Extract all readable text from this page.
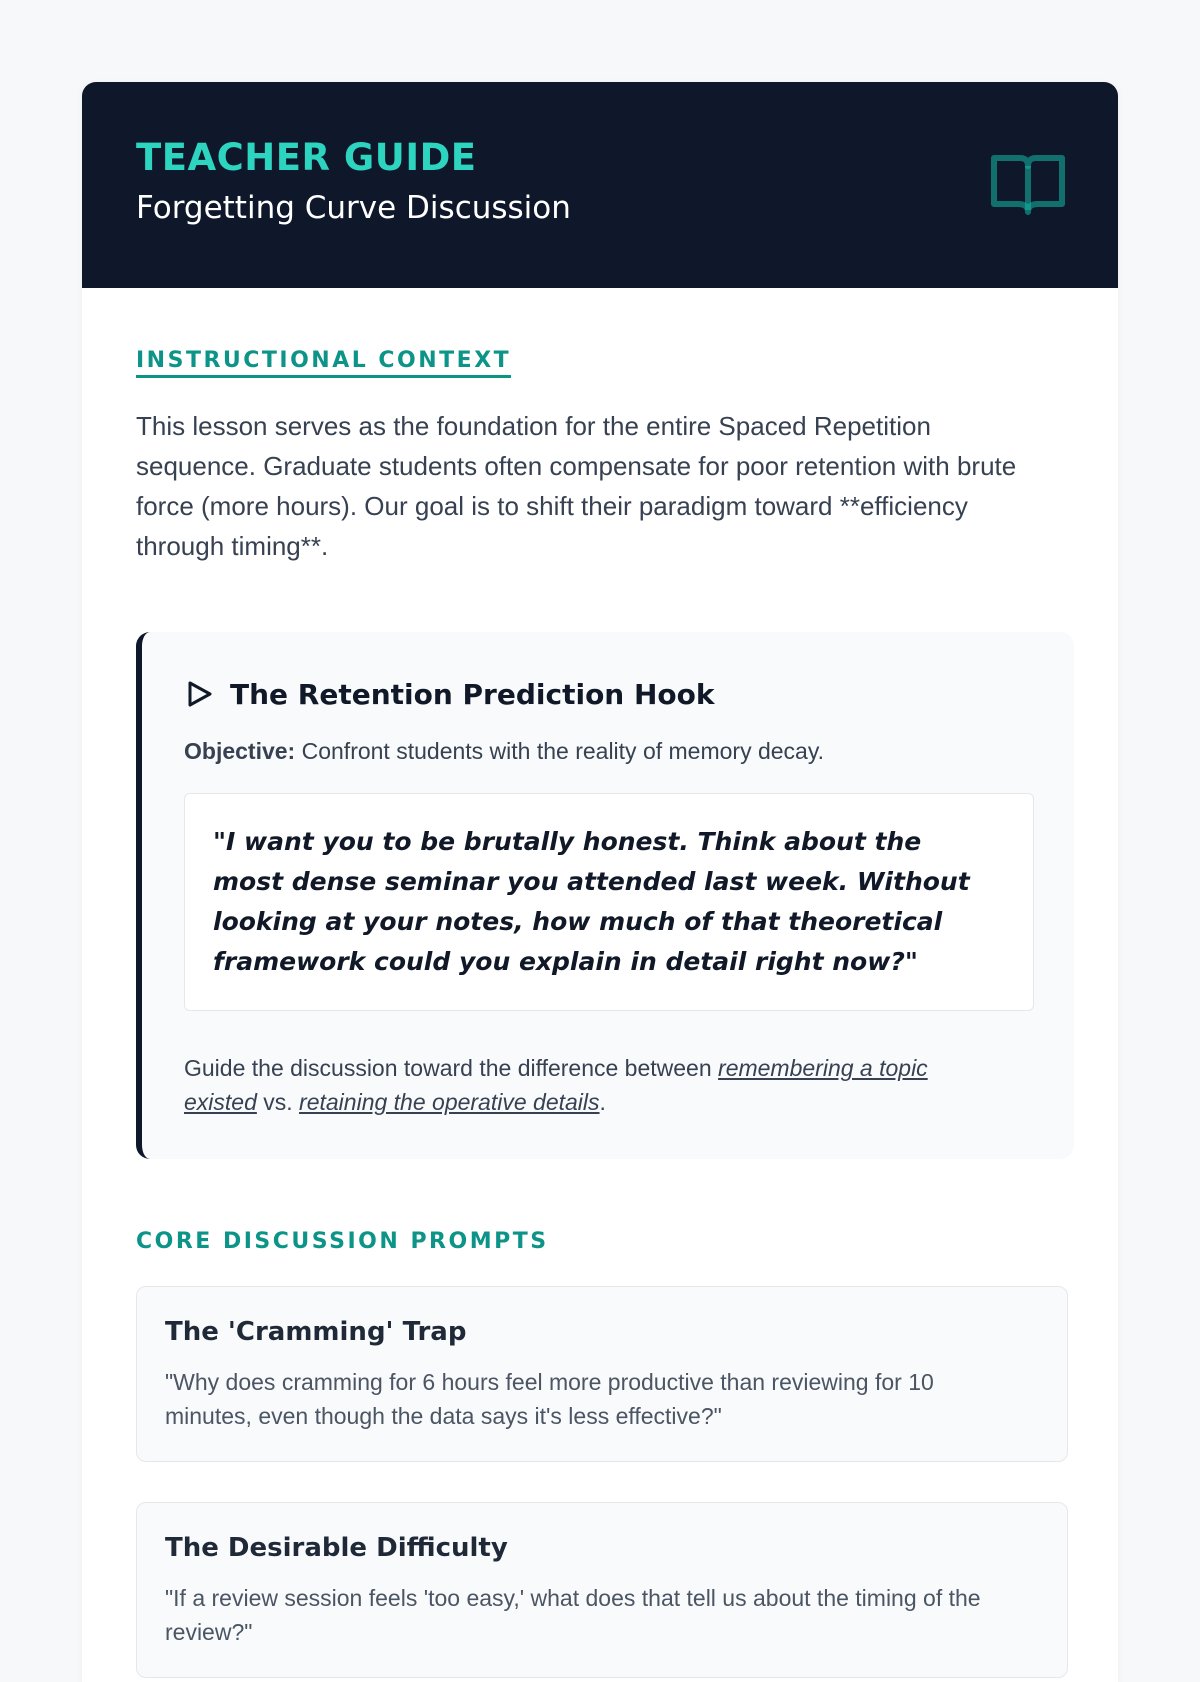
TEACHER GUIDE
Forgetting Curve Discussion
INSTRUCTIONAL CONTEXT

This lesson serves as the foundation for the entire Spaced Repetition sequence. Graduate students often compensate for poor retention with brute force (more hours). Our goal is to shift their paradigm toward **efficiency through timing**.

The Retention Prediction Hook
Objective: Confront students with the reality of memory decay.

"I want you to be brutally honest. Think about the most dense seminar you attended last week. Without looking at your notes, how much of that theoretical framework could you explain in detail right now?"

Guide the discussion toward the difference between remembering a topic existed vs. retaining the operative details.
CORE DISCUSSION PROMPTS
The 'Cramming' Trap
"Why does cramming for 6 hours feel more productive than reviewing for 10 minutes, even though the data says it's less effective?"
The Desirable Difficulty
"If a review session feels 'too easy,' what does that tell us about the timing of the review?"
